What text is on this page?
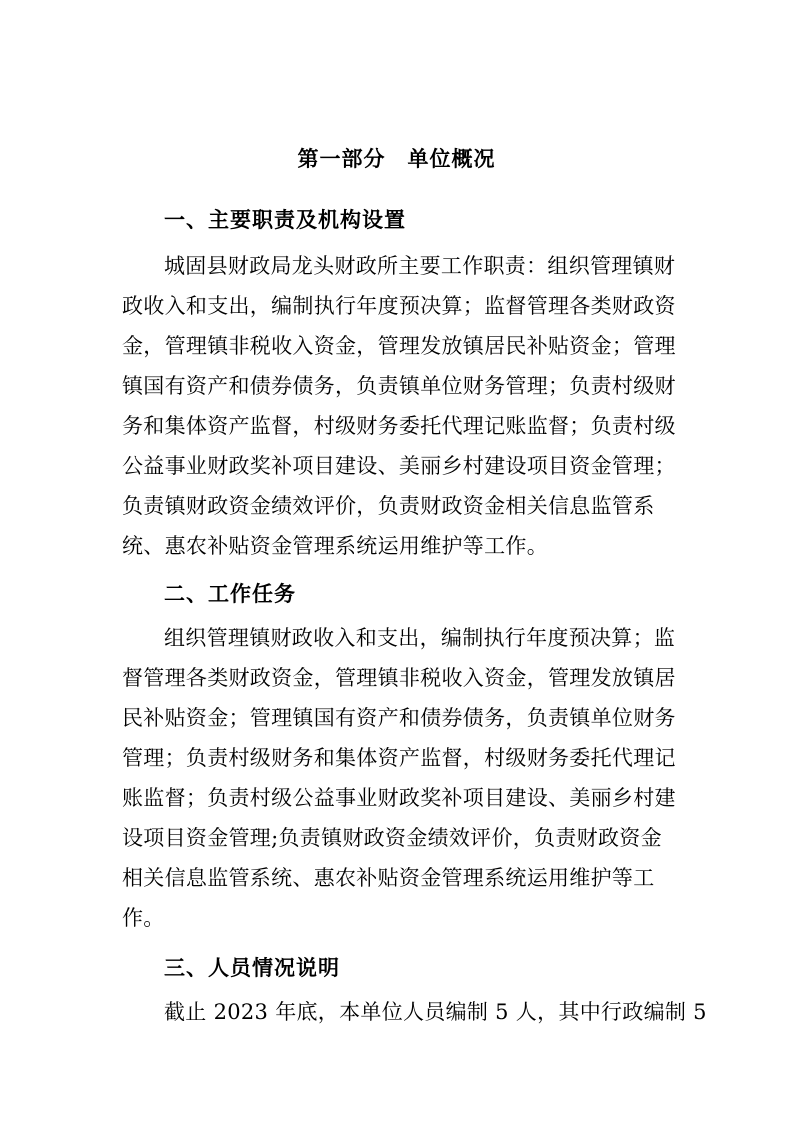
第一部分　单位概况
一、主要职责及机构设置
城固县财政局龙头财政所主要工作职责：组织管理镇财
政收入和支出，编制执行年度预决算；监督管理各类财政资
金，管理镇非税收入资金，管理发放镇居民补贴资金；管理
镇国有资产和债券债务，负责镇单位财务管理；负责村级财
务和集体资产监督，村级财务委托代理记账监督；负责村级
公益事业财政奖补项目建设、美丽乡村建设项目资金管理；
负责镇财政资金绩效评价，负责财政资金相关信息监管系
统、惠农补贴资金管理系统运用维护等工作。
二、工作任务
组织管理镇财政收入和支出，编制执行年度预决算；监
督管理各类财政资金，管理镇非税收入资金，管理发放镇居
民补贴资金；管理镇国有资产和债券债务，负责镇单位财务
管理；负责村级财务和集体资产监督，村级财务委托代理记
账监督；负责村级公益事业财政奖补项目建设、美丽乡村建
设项目资金管理;负责镇财政资金绩效评价，负责财政资金
相关信息监管系统、惠农补贴资金管理系统运用维护等工
作。
三、人员情况说明
截止 2023 年底，本单位人员编制 5 人，其中行政编制 5
